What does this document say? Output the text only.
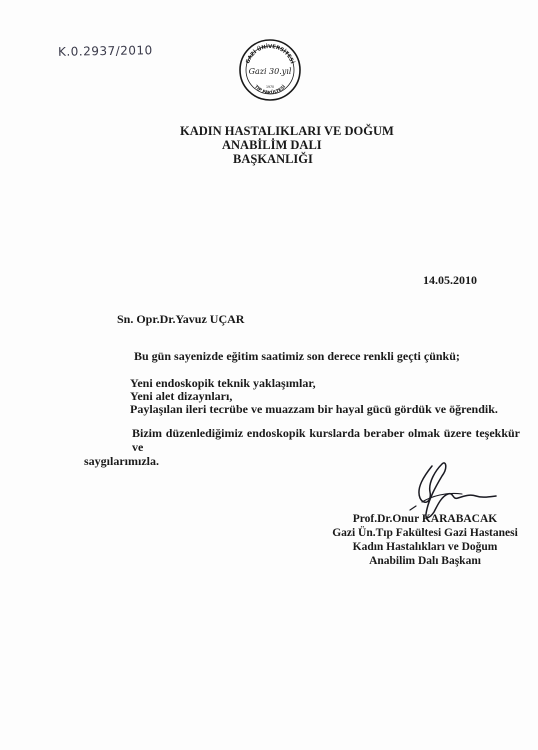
K.0.2937/2010
GAZİ ÜNİVERSİTESİ
TIP FAKÜLTESİ
Gazi 30.yıl
1970
KADIN HASTALIKLARI VE DOĞUM
ANABİLİM DALI
BAŞKANLIĞI
14.05.2010
Sn. Opr.Dr.Yavuz UÇAR
Bu gün sayenizde eğitim saatimiz son derece renkli geçti çünkü;
Yeni endoskopik teknik yaklaşımlar,
Yeni alet dizaynları,
Paylaşılan ileri tecrübe ve muazzam bir hayal gücü gördük ve öğrendik.
Bizim düzenlediğimiz endoskopik kurslarda beraber olmak üzere teşekkür ve
saygılarımızla.
Prof.Dr.Onur KARABACAK
Gazi Ün.Tıp Fakültesi Gazi Hastanesi
Kadın Hastalıkları ve Doğum
Anabilim Dalı Başkanı
